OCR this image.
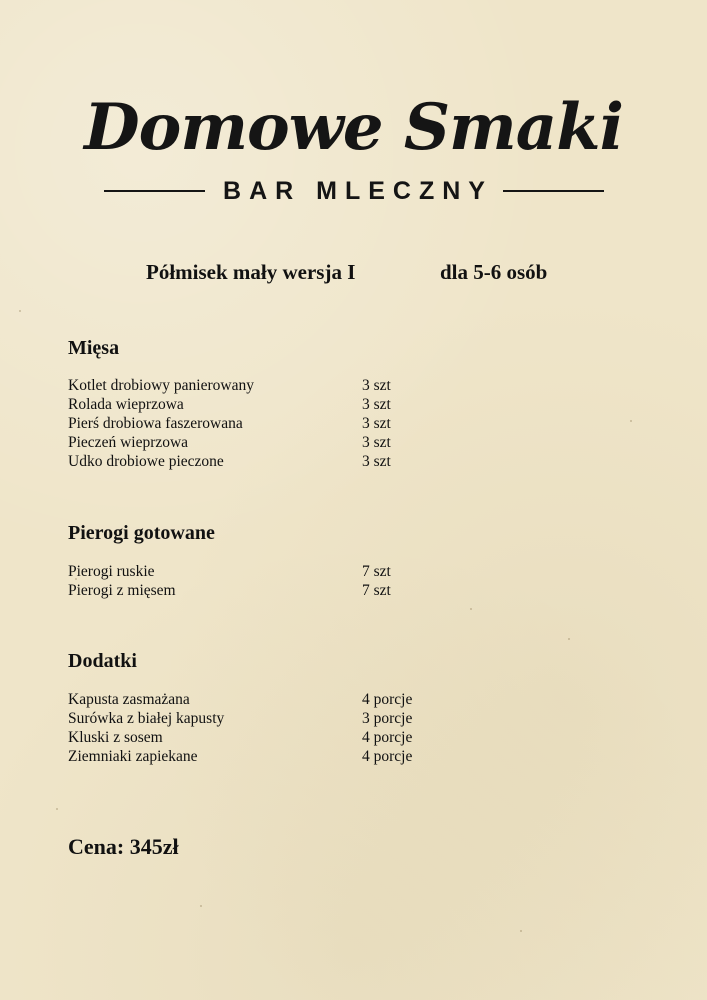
Domowe Smaki
BAR MLECZNY
Półmisek mały wersja I	dla 5-6 osób
Mięsa
Kotlet drobiowy panierowany	3 szt
Rolada wieprzowa	3 szt
Pierś drobiowa faszerowana	3 szt
Pieczeń wieprzowa	3 szt
Udko drobiowe pieczone	3 szt
Pierogi gotowane
Pierogi ruskie	7 szt
Pierogi z mięsem	7 szt
Dodatki
Kapusta zasmażana	4 porcje
Surówka z białej kapusty	3 porcje
Kluski z sosem	4 porcje
Ziemniaki zapiekane	4 porcje
Cena: 345zł
